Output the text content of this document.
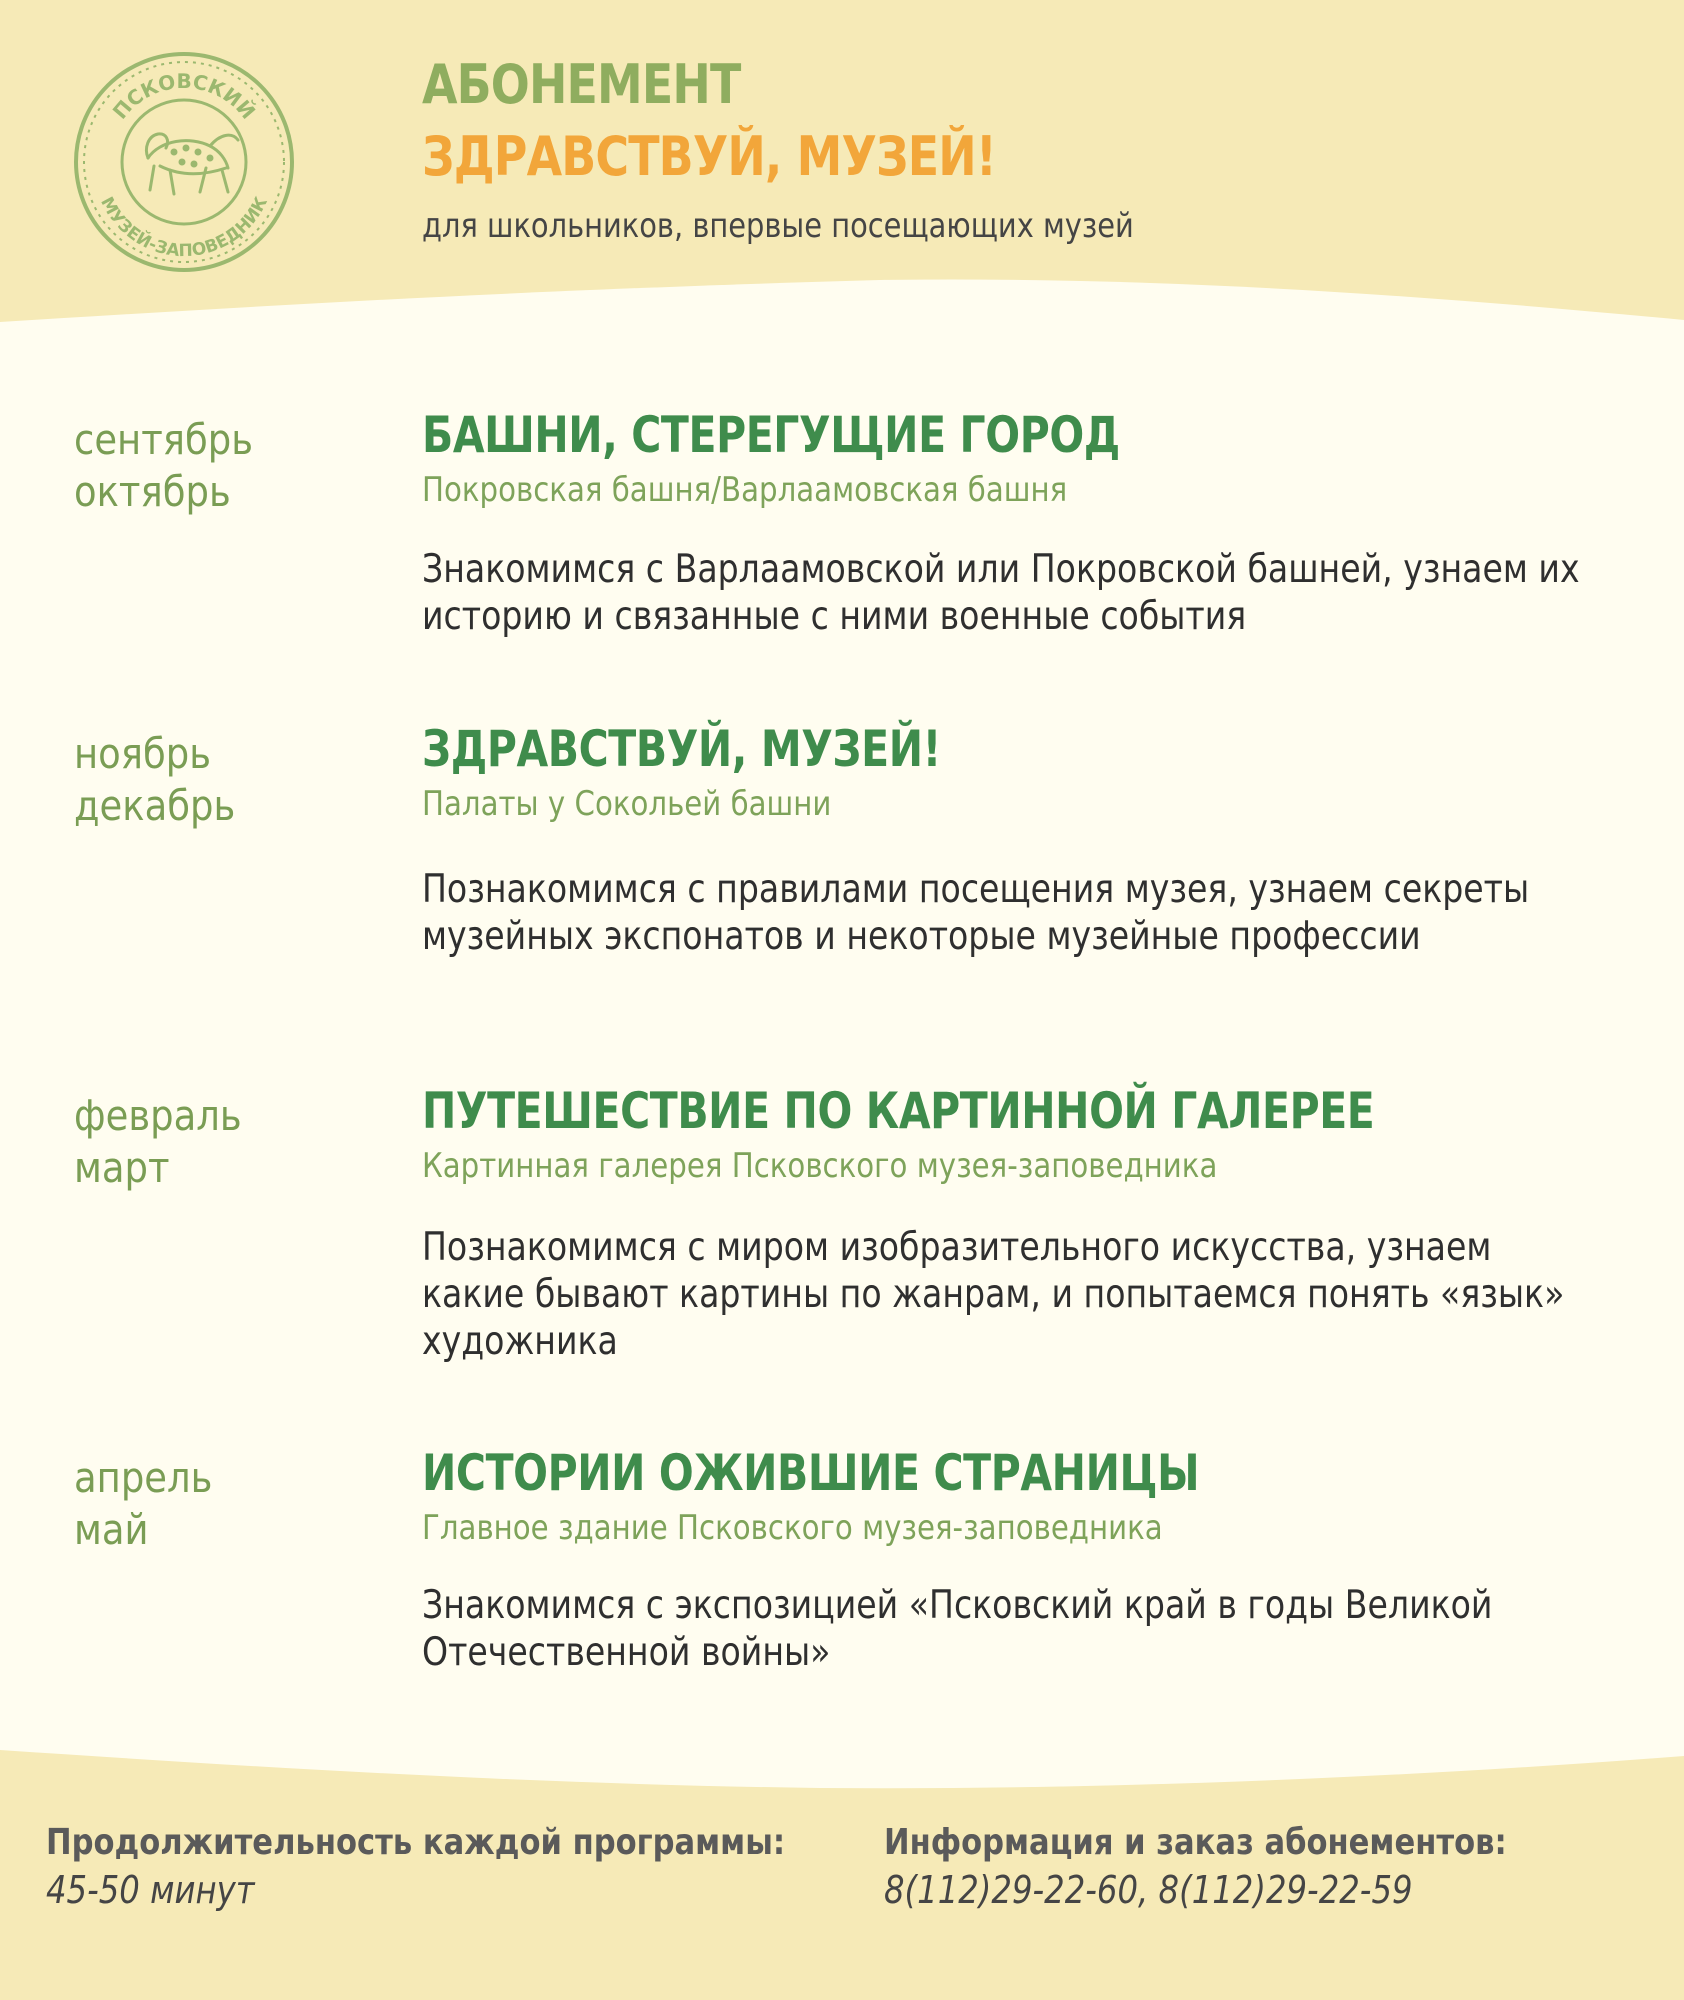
ПСКОВСКИЙ
МУЗЕЙ-ЗАПОВЕДНИК
АБОНЕМЕНТ
ЗДРАВСТВУЙ, МУЗЕЙ!
для школьников, впервые посещающих музей
сентябрь
октябрь
БАШНИ, СТЕРЕГУЩИЕ ГОРОД
Покровская башня/Варлаамовская башня
Знакомимся с Варлаамовской или Покровской башней, узнаем их историю и связанные с ними военные события
ноябрь
декабрь
ЗДРАВСТВУЙ, МУЗЕЙ!
Палаты у Сокольей башни
Познакомимся с правилами посещения музея, узнаем секреты музейных экспонатов и некоторые музейные профессии
февраль
март
ПУТЕШЕСТВИЕ ПО КАРТИННОЙ ГАЛЕРЕЕ
Картинная галерея Псковского музея-заповедника
Познакомимся с миром изобразительного искусства, узнаем какие бывают картины по жанрам, и попытаемся понять «язык» художника
апрель
май
ИСТОРИИ ОЖИВШИЕ СТРАНИЦЫ
Главное здание Псковского музея-заповедника
Знакомимся с экспозицией «Псковский край в годы Великой Отечественной войны»
Продолжительность каждой программы:
45-50 минут
Информация и заказ абонементов:
8(112)29-22-60, 8(112)29-22-59
